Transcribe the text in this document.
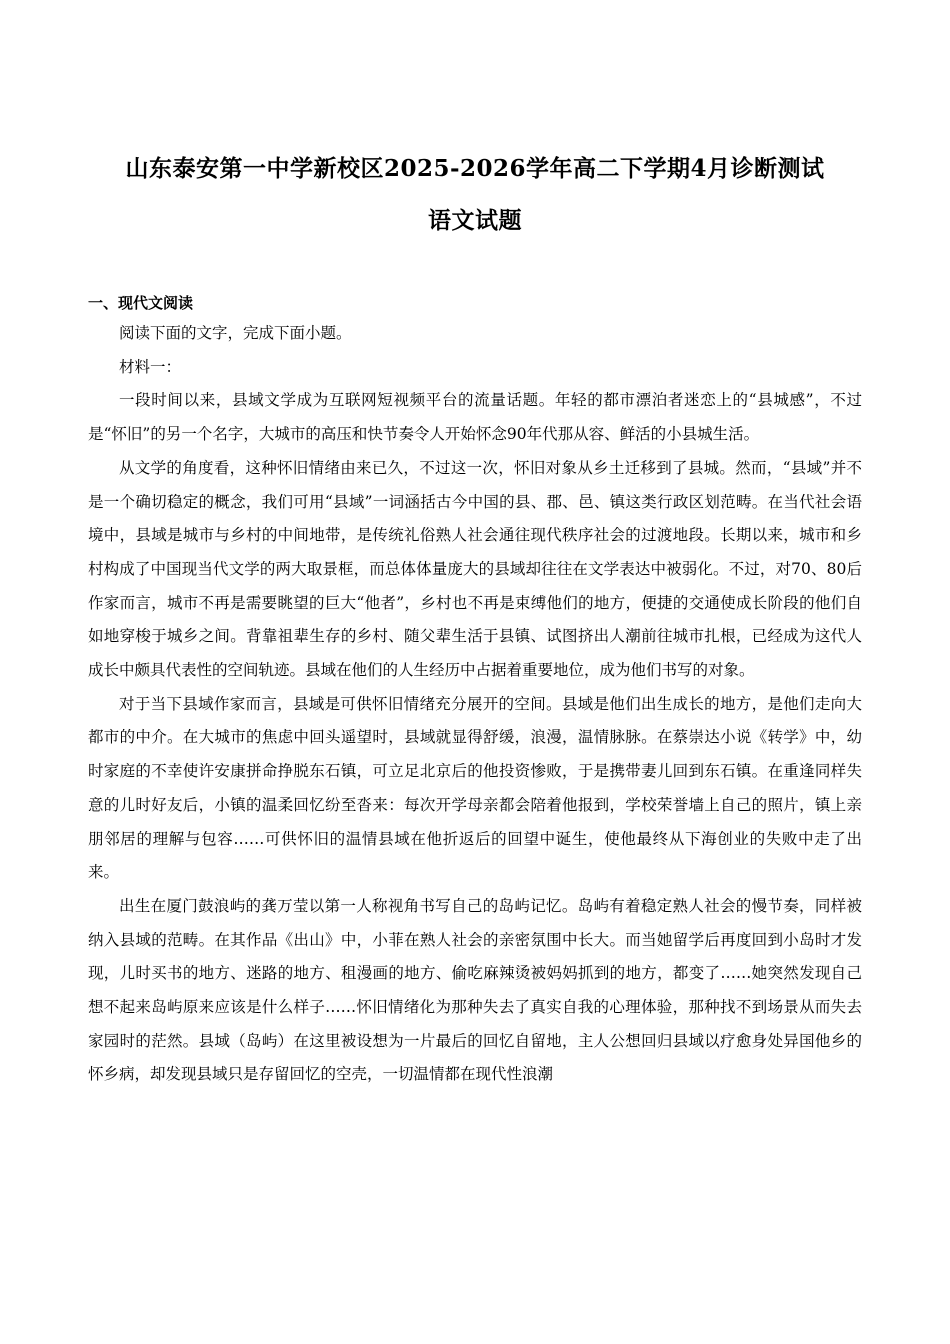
山东泰安第一中学新校区2025-2026学年高二下学期4月诊断测试
语文试题
一、现代文阅读

阅读下面的文字，完成下面小题。

材料一：

一段时间以来，县域文学成为互联网短视频平台的流量话题。年轻的都市漂泊者迷恋上的“县城感”，不过是“怀旧”的另一个名字，大城市的高压和快节奏令人开始怀念90年代那从容、鲜活的小县城生活。

从文学的角度看，这种怀旧情绪由来已久，不过这一次，怀旧对象从乡土迁移到了县城。然而，“县域”并不是一个确切稳定的概念，我们可用“县域”一词涵括古今中国的县、郡、邑、镇这类行政区划范畴。在当代社会语境中，县域是城市与乡村的中间地带，是传统礼俗熟人社会通往现代秩序社会的过渡地段。长期以来，城市和乡村构成了中国现当代文学的两大取景框，而总体体量庞大的县域却往往在文学表达中被弱化。不过，对70、80后作家而言，城市不再是需要眺望的巨大“他者”，乡村也不再是束缚他们的地方，便捷的交通使成长阶段的他们自如地穿梭于城乡之间。背靠祖辈生存的乡村、随父辈生活于县镇、试图挤出人潮前往城市扎根，已经成为这代人成长中颇具代表性的空间轨迹。县域在他们的人生经历中占据着重要地位，成为他们书写的对象。

对于当下县域作家而言，县域是可供怀旧情绪充分展开的空间。县域是他们出生成长的地方，是他们走向大都市的中介。在大城市的焦虑中回头遥望时，县域就显得舒缓，浪漫，温情脉脉。在蔡崇达小说《转学》中，幼时家庭的不幸使许安康拼命挣脱东石镇，可立足北京后的他投资惨败，于是携带妻儿回到东石镇。在重逢同样失意的儿时好友后，小镇的温柔回忆纷至沓来：每次开学母亲都会陪着他报到，学校荣誉墙上自己的照片，镇上亲朋邻居的理解与包容……可供怀旧的温情县域在他折返后的回望中诞生，使他最终从下海创业的失败中走了出来。

出生在厦门鼓浪屿的龚万莹以第一人称视角书写自己的岛屿记忆。岛屿有着稳定熟人社会的慢节奏，同样被纳入县域的范畴。在其作品《出山》中，小菲在熟人社会的亲密氛围中长大。而当她留学后再度回到小岛时才发现，儿时买书的地方、迷路的地方、租漫画的地方、偷吃麻辣烫被妈妈抓到的地方，都变了……她突然发现自己想不起来岛屿原来应该是什么样子……怀旧情绪化为那种失去了真实自我的心理体验，那种找不到场景从而失去家园时的茫然。县域（岛屿）在这里被设想为一片最后的回忆自留地，主人公想回归县域以疗愈身处异国他乡的怀乡病，却发现县域只是存留回忆的空壳，一切温情都在现代性浪潮
